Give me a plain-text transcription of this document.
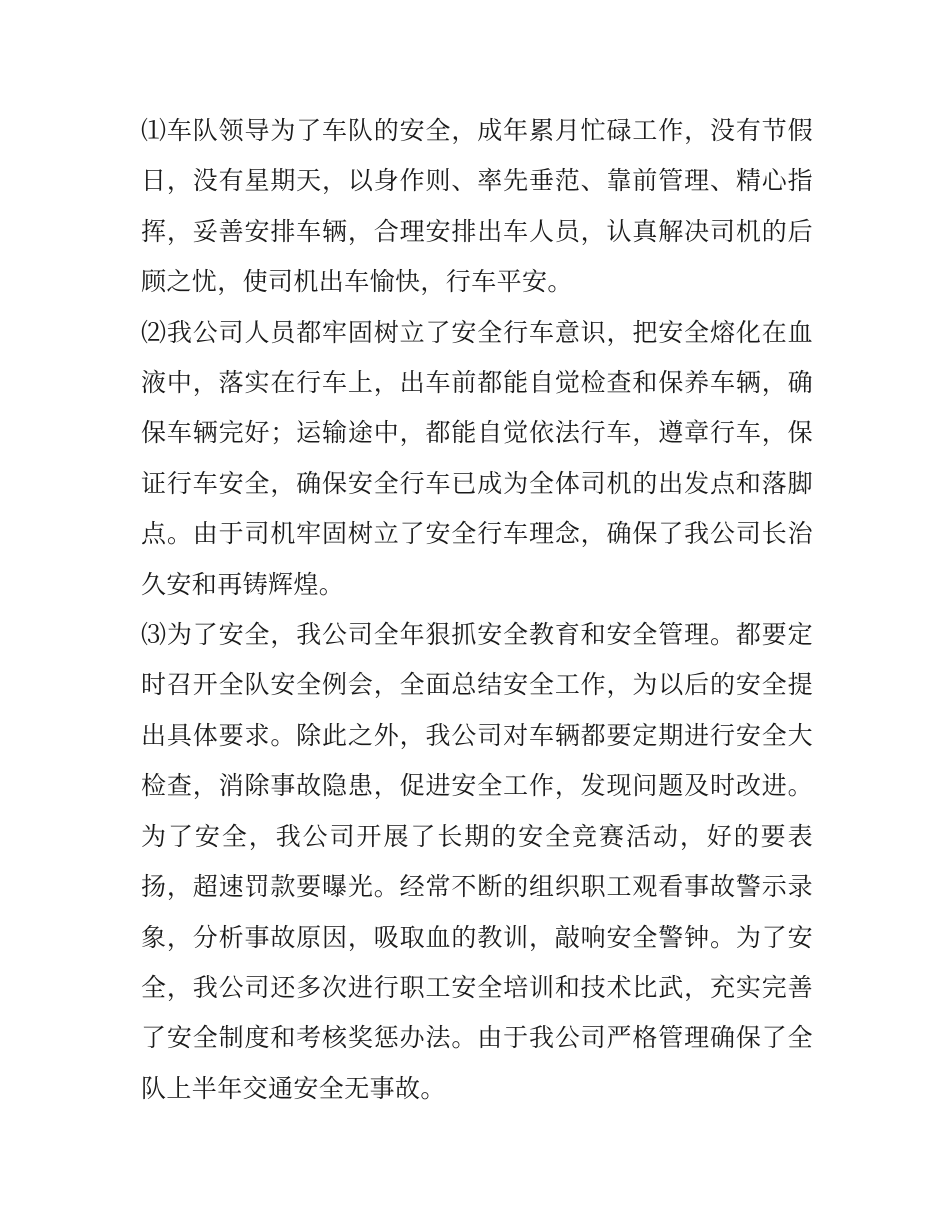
⑴车队领导为了车队的安全，成年累月忙碌工作，没有节假日，没有星期天，以身作则、率先垂范、靠前管理、精心指挥，妥善安排车辆，合理安排出车人员，认真解决司机的后顾之忧，使司机出车愉快，行车平安。

⑵我公司人员都牢固树立了安全行车意识，把安全熔化在血液中，落实在行车上，出车前都能自觉检查和保养车辆，确保车辆完好；运输途中，都能自觉依法行车，遵章行车，保证行车安全，确保安全行车已成为全体司机的出发点和落脚点。由于司机牢固树立了安全行车理念，确保了我公司长治久安和再铸辉煌。

⑶为了安全，我公司全年狠抓安全教育和安全管理。都要定时召开全队安全例会，全面总结安全工作，为以后的安全提出具体要求。除此之外，我公司对车辆都要定期进行安全大检查，消除事故隐患，促进安全工作，发现问题及时改进。为了安全，我公司开展了长期的安全竞赛活动，好的要表扬，超速罚款要曝光。经常不断的组织职工观看事故警示录象，分析事故原因，吸取血的教训，敲响安全警钟。为了安全，我公司还多次进行职工安全培训和技术比武，充实完善了安全制度和考核奖惩办法。由于我公司严格管理确保了全队上半年交通安全无事故。
